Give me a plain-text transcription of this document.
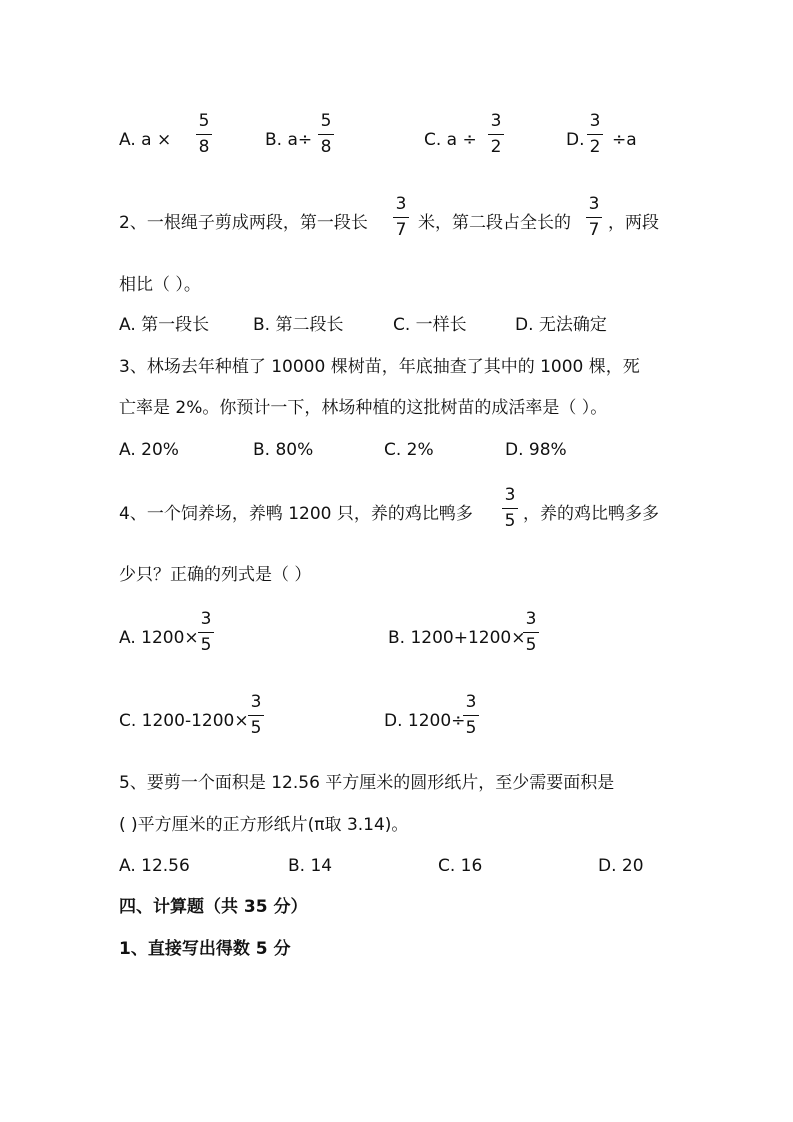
A. a ×
5
8	B. a÷
5
8	C. a ÷
3
2	D.
3
2 ÷a
2、一根绳子剪成两段，第一段长
3
7 米，第二段占全长的
3
7 ，两段
相比（ ）。
A. 第一段长	B. 第二段长	C. 一样长	D. 无法确定
3、林场去年种植了 10000 棵树苗，年底抽查了其中的 1000 棵，死
亡率是 2%。你预计一下，林场种植的这批树苗的成活率是（ ）。
A. 20%	B. 80%	C. 2%	D. 98%
4、一个饲养场，养鸭 1200 只，养的鸡比鸭多
3
5 ，养的鸡比鸭多多
少只？正确的列式是（ ）
A. 1200×
3
5	B. 1200+1200×
3
5
C. 1200-1200×
3
5	D. 1200÷
3
5
5、要剪一个面积是 12.56 平方厘米的圆形纸片，至少需要面积是
( )平方厘米的正方形纸片(π取 3.14)。
A. 12.56	B. 14	C. 16	D. 20
四、计算题（共 35 分）
1、直接写出得数 5 分
